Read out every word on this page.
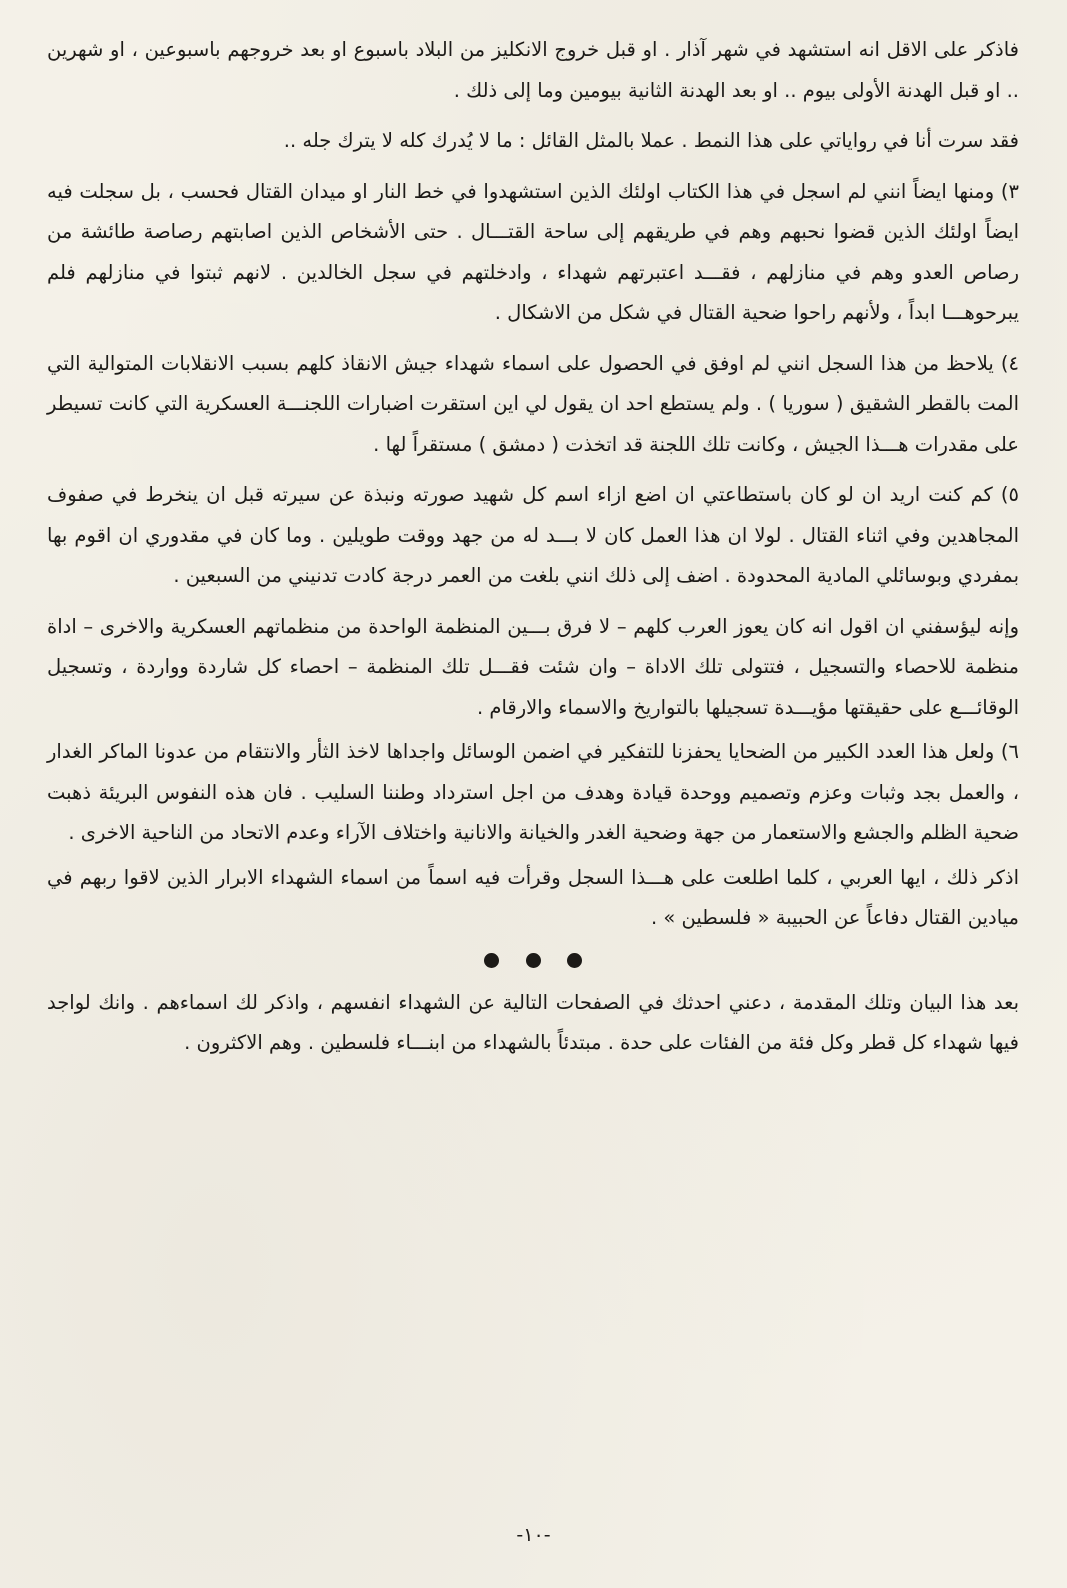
فاذكر على الاقل انه استشهد في شهر آذار . او قبل خروج الانكليز من البلاد باسبوع او بعد خروجهم باسبوعين ، او شهرين .. او قبل الهدنة الأولى بيوم .. او بعد الهدنة الثانية بيومين وما إلى ذلك .

فقد سرت أنا في رواياتي على هذا النمط . عملا بالمثل القائل : ما لا يُدرك كله لا يترك جله ..

٣) ومنها ايضاً انني لم اسجل في هذا الكتاب اولئك الذين استشهدوا في خط النار او ميدان القتال فحسب ، بل سجلت فيه ايضاً اولئك الذين قضوا نحبهم وهم في طريقهم إلى ساحة القتـــال . حتى الأشخاص الذين اصابتهم رصاصة طائشة من رصاص العدو وهم في منازلهم ، فقـــد اعتبرتهم شهداء ، وادخلتهم في سجل الخالدين . لانهم ثبتوا في منازلهم فلم يبرحوهـــا ابداً ، ولأنهم راحوا ضحية القتال في شكل من الاشكال .

٤) يلاحظ من هذا السجل انني لم اوفق في الحصول على اسماء شهداء جيش الانقاذ كلهم بسبب الانقلابات المتوالية التي المت بالقطر الشقيق ( سوريا ) . ولم يستطع احد ان يقول لي اين استقرت اضبارات اللجنـــة العسكرية التي كانت تسيطر على مقدرات هـــذا الجيش ، وكانت تلك اللجنة قد اتخذت ( دمشق ) مستقراً لها .

٥) كم كنت اريد ان لو كان باستطاعتي ان اضع ازاء اسم كل شهيد صورته ونبذة عن سيرته قبل ان ينخرط في صفوف المجاهدين وفي اثناء القتال . لولا ان هذا العمل كان لا بـــد له من جهد ووقت طويلين . وما كان في مقدوري ان اقوم بها بمفردي وبوسائلي المادية المحدودة . اضف إلى ذلك انني بلغت من العمر درجة كادت تدنيني من السبعين .

وإنه ليؤسفني ان اقول انه كان يعوز العرب كلهم – لا فرق بـــين المنظمة الواحدة من منظماتهم العسكرية والاخرى – اداة منظمة للاحصاء والتسجيل ، فتتولى تلك الاداة – وان شئت فقـــل تلك المنظمة – احصاء كل شاردة وواردة ، وتسجيل الوقائـــع على حقيقتها مؤيـــدة تسجيلها بالتواريخ والاسماء والارقام .

٦) ولعل هذا العدد الكبير من الضحايا يحفزنا للتفكير في اضمن الوسائل واجداها لاخذ الثأر والانتقام من عدونا الماكر الغدار ، والعمل بجد وثبات وعزم وتصميم ووحدة قيادة وهدف من اجل استرداد وطننا السليب . فان هذه النفوس البريئة ذهبت ضحية الظلم والجشع والاستعمار من جهة وضحية الغدر والخيانة والانانية واختلاف الآراء وعدم الاتحاد من الناحية الاخرى .

اذكر ذلك ، ايها العربي ، كلما اطلعت على هـــذا السجل وقرأت فيه اسماً من اسماء الشهداء الابرار الذين لاقوا ربهم في ميادين القتال دفاعاً عن الحبيبة « فلسطين » .

بعد هذا البيان وتلك المقدمة ، دعني احدثك في الصفحات التالية عن الشهداء انفسهم ، واذكر لك اسماءهم . وانك لواجد فيها شهداء كل قطر وكل فئة من الفئات على حدة . مبتدئاً بالشهداء من ابنـــاء فلسطين . وهم الاكثرون .

-١٠-
